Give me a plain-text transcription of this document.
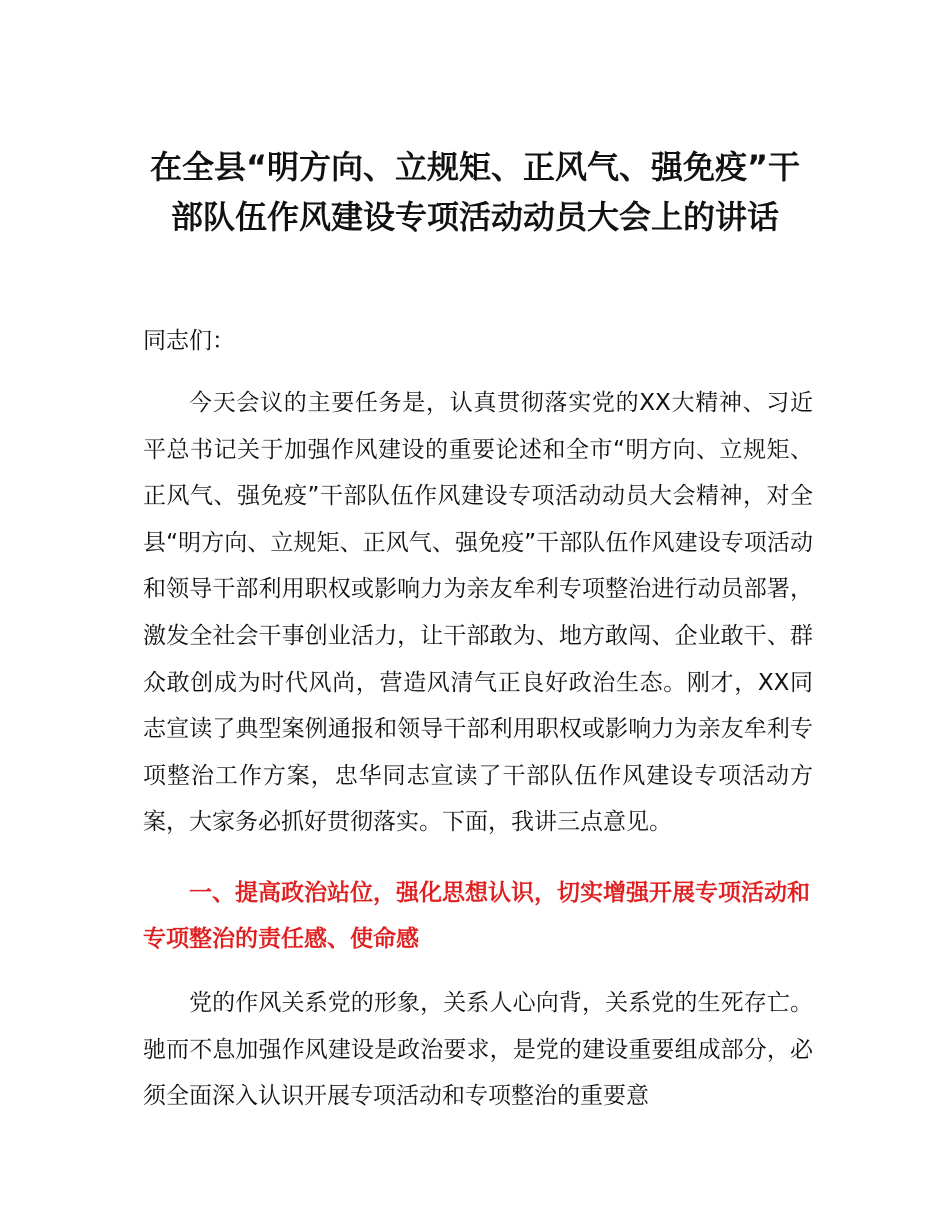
在全县“明方向、立规矩、正风气、强免疫”干部队伍作风建设专项活动动员大会上的讲话

同志们：

今天会议的主要任务是，认真贯彻落实党的XX大精神、习近平总书记关于加强作风建设的重要论述和全市“明方向、立规矩、正风气、强免疫”干部队伍作风建设专项活动动员大会精神，对全县“明方向、立规矩、正风气、强免疫”干部队伍作风建设专项活动和领导干部利用职权或影响力为亲友牟利专项整治进行动员部署，激发全社会干事创业活力，让干部敢为、地方敢闯、企业敢干、群众敢创成为时代风尚，营造风清气正良好政治生态。刚才，XX同志宣读了典型案例通报和领导干部利用职权或影响力为亲友牟利专项整治工作方案，忠华同志宣读了干部队伍作风建设专项活动方案，大家务必抓好贯彻落实。下面，我讲三点意见。

一、提高政治站位，强化思想认识，切实增强开展专项活动和专项整治的责任感、使命感

党的作风关系党的形象，关系人心向背，关系党的生死存亡。驰而不息加强作风建设是政治要求，是党的建设重要组成部分，必须全面深入认识开展专项活动和专项整治的重要意
